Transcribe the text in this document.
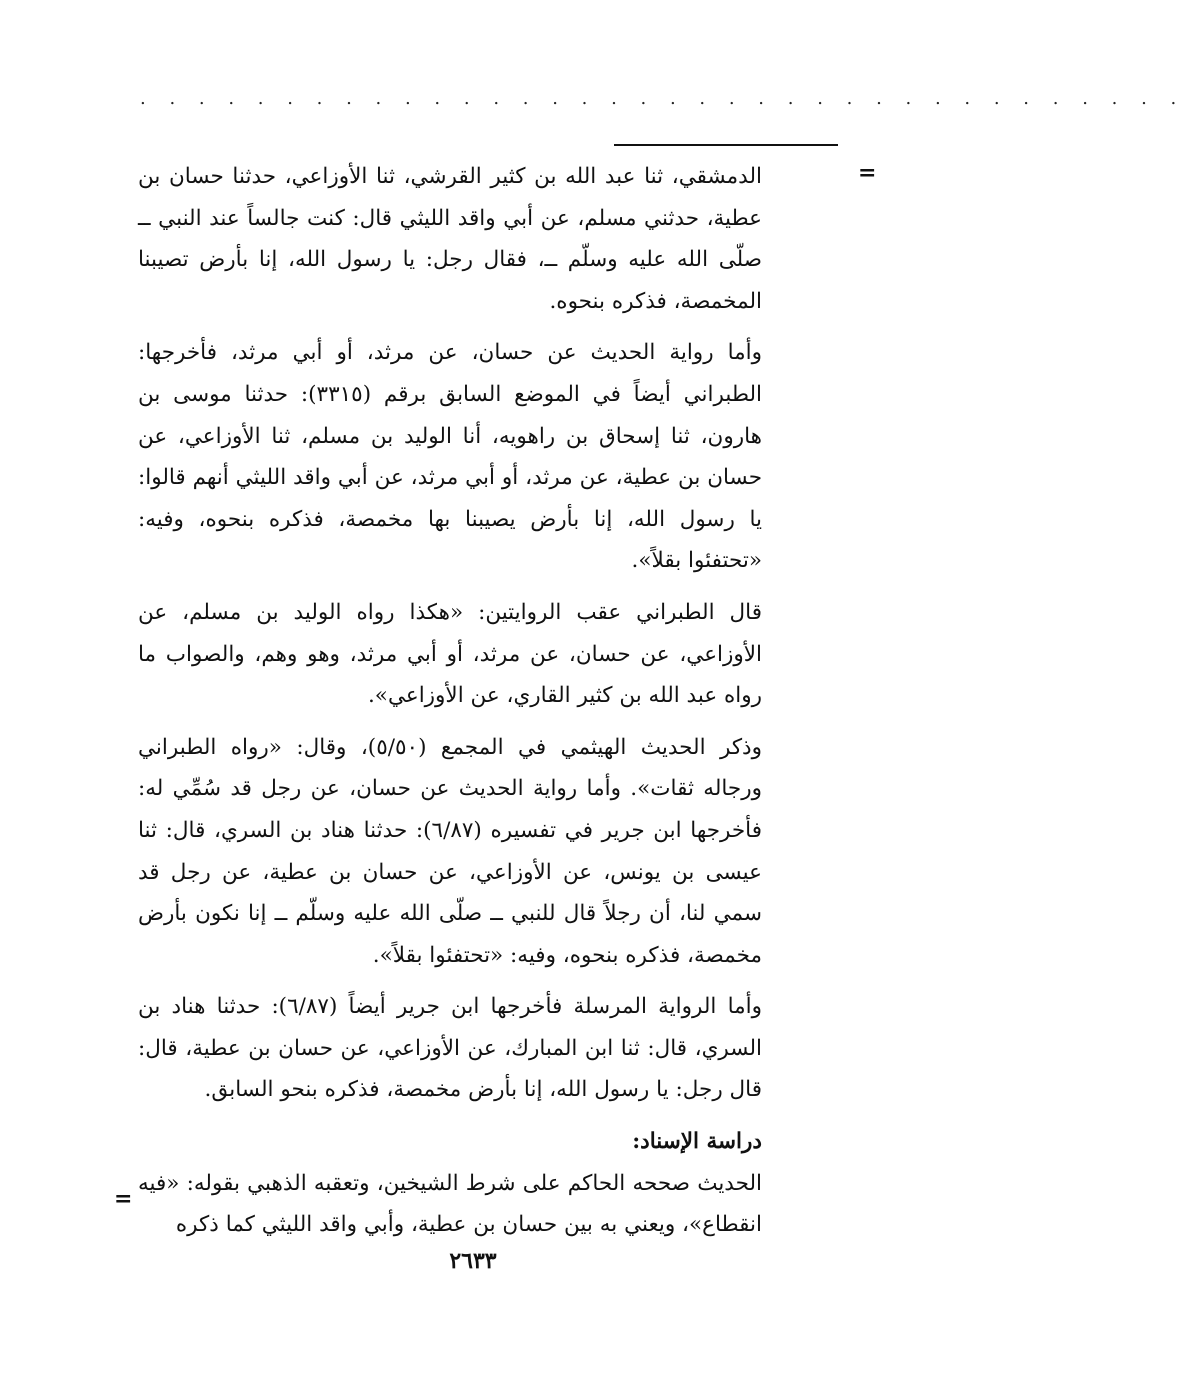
. . . . . . . . . . . . . . . . . . . . . . . . . . . . . . . . . . . .
=

الدمشقي، ثنا عبد الله بن كثير القرشي، ثنا الأوزاعي، حدثنا حسان بن عطية، حدثني مسلم، عن أبي واقد الليثي قال: كنت جالساً عند النبي ــ صلّى الله عليه وسلّم ــ، فقال رجل: يا رسول الله، إنا بأرض تصيبنا المخمصة، فذكره بنحوه.

وأما رواية الحديث عن حسان، عن مرثد، أو أبي مرثد، فأخرجها: الطبراني أيضاً في الموضع السابق برقم (٣٣١٥): حدثنا موسى بن هارون، ثنا إسحاق بن راهويه، أنا الوليد بن مسلم، ثنا الأوزاعي، عن حسان بن عطية، عن مرثد، أو أبي مرثد، عن أبي واقد الليثي أنهم قالوا: يا رسول الله، إنا بأرض يصيبنا بها مخمصة، فذكره بنحوه، وفيه: «تحتفئوا بقلاً».

قال الطبراني عقب الروايتين: «هكذا رواه الوليد بن مسلم، عن الأوزاعي، عن حسان، عن مرثد، أو أبي مرثد، وهو وهم، والصواب ما رواه عبد الله بن كثير القاري، عن الأوزاعي».

وذكر الحديث الهيثمي في المجمع (٥/٥٠)، وقال: «رواه الطبراني ورجاله ثقات». وأما رواية الحديث عن حسان، عن رجل قد سُمِّي له: فأخرجها ابن جرير في تفسيره (٦/٨٧): حدثنا هناد بن السري، قال: ثنا عيسى بن يونس، عن الأوزاعي، عن حسان بن عطية، عن رجل قد سمي لنا، أن رجلاً قال للنبي ــ صلّى الله عليه وسلّم ــ إنا نكون بأرض مخمصة، فذكره بنحوه، وفيه: «تحتفئوا بقلاً».

وأما الرواية المرسلة فأخرجها ابن جرير أيضاً (٦/٨٧): حدثنا هناد بن السري، قال: ثنا ابن المبارك، عن الأوزاعي، عن حسان بن عطية، قال: قال رجل: يا رسول الله، إنا بأرض مخمصة، فذكره بنحو السابق.

دراسة الإسناد:

الحديث صححه الحاكم على شرط الشيخين، وتعقبه الذهبي بقوله: «فيه انقطاع»، ويعني به بين حسان بن عطية، وأبي واقد الليثي كما ذكره

=
٢٦٣٣
